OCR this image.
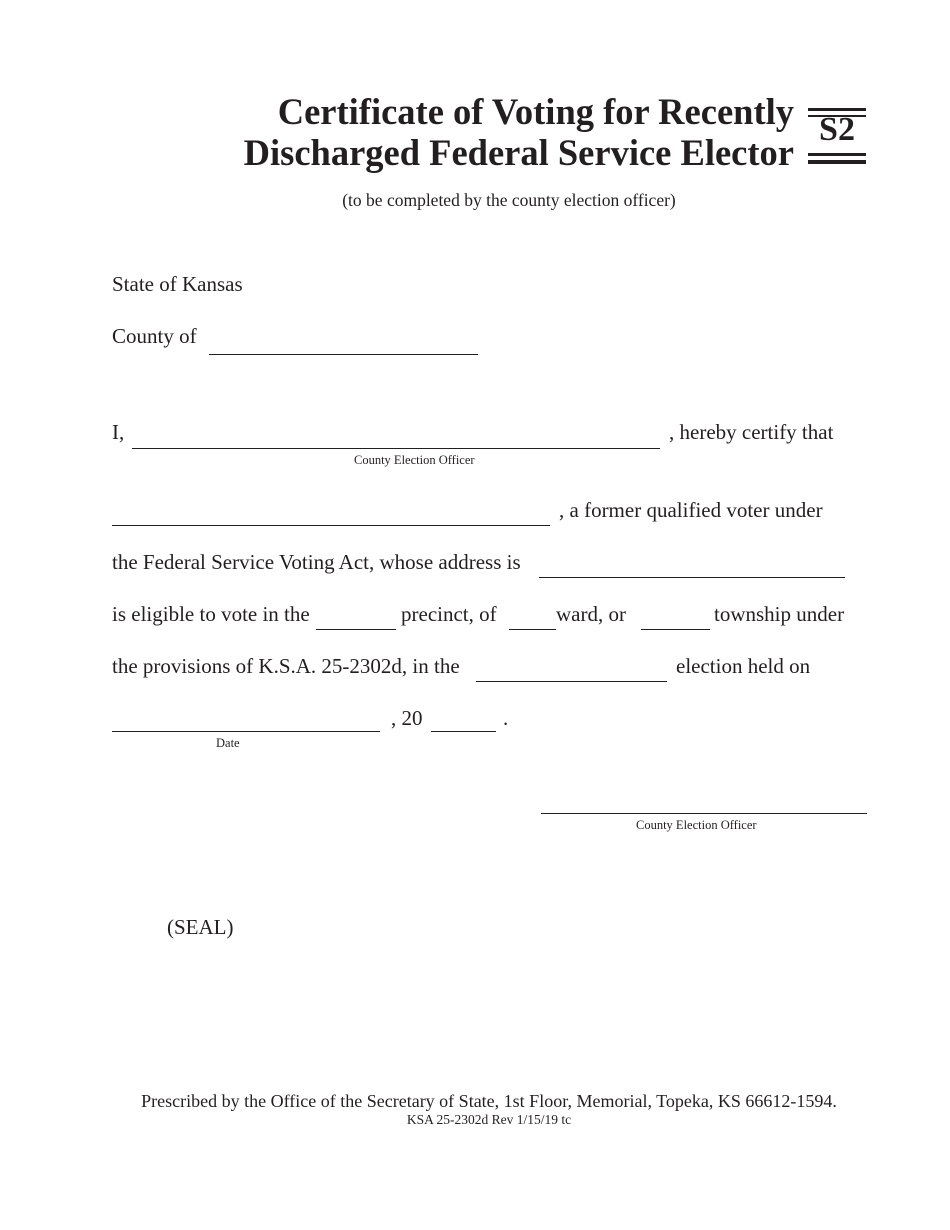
Certificate of Voting for Recently
Discharged Federal Service Elector
S2
(to be completed by the county election officer)
State of Kansas
County of
I,	, hereby certify that
County Election Officer
, a former qualified voter under
the Federal Service Voting Act, whose address is
is eligible to vote in the	precinct, of	ward, or	township under
the provisions of K.S.A. 25-2302d, in the	election held on
, 20	.
Date
County Election Officer
(SEAL)
Prescribed by the Office of the Secretary of State, 1st Floor, Memorial, Topeka, KS 66612-1594.
KSA 25-2302d Rev 1/15/19 tc
